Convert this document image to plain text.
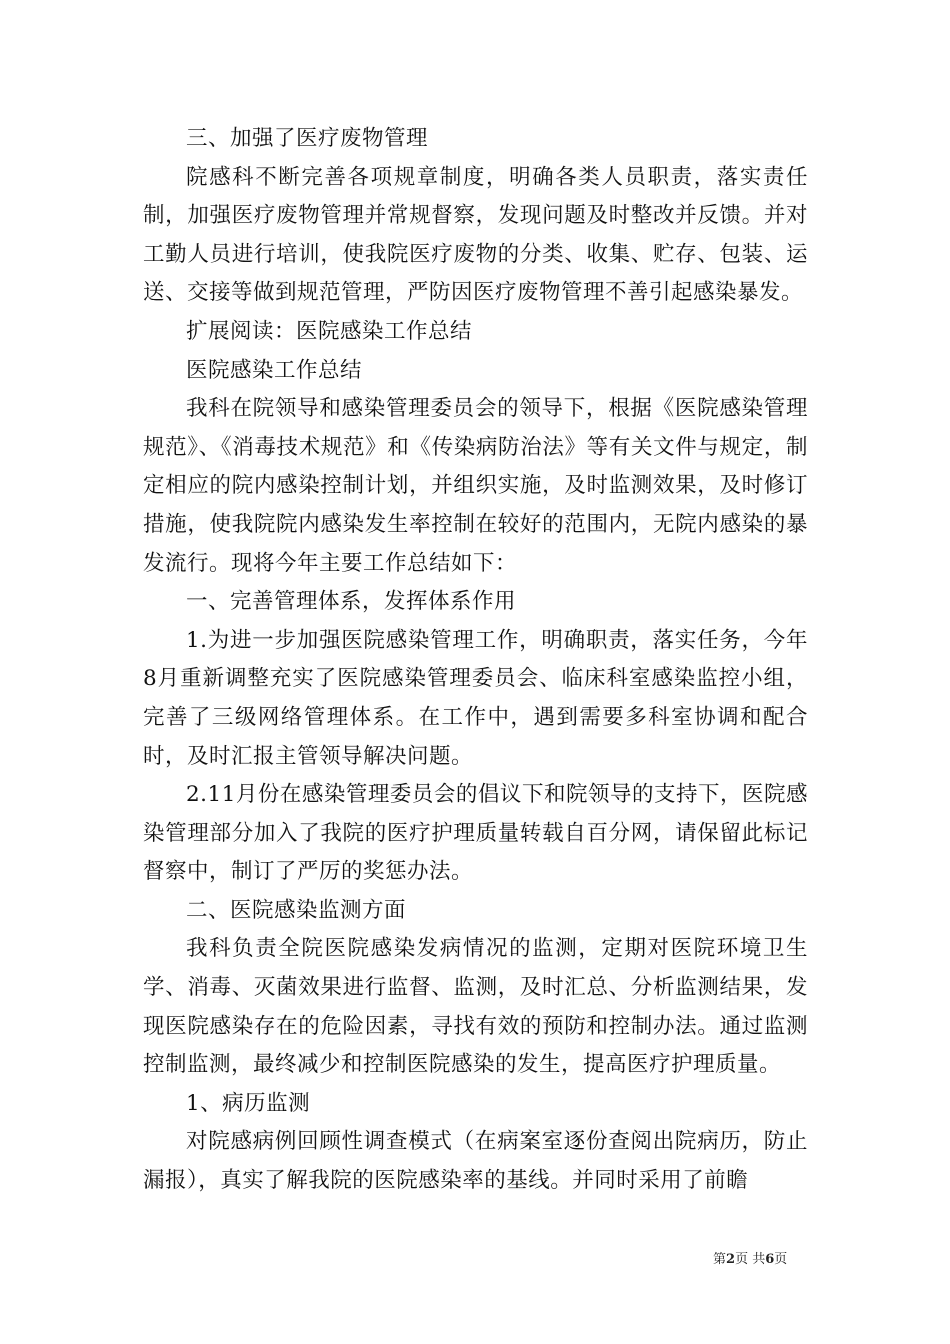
三、加强了医疗废物管理

院感科不断完善各项规章制度，明确各类人员职责，落实责任制，加强医疗废物管理并常规督察，发现问题及时整改并反馈。并对工勤人员进行培训，使我院医疗废物的分类、收集、贮存、包装、运送、交接等做到规范管理，严防因医疗废物管理不善引起感染暴发。

扩展阅读：医院感染工作总结

医院感染工作总结

我科在院领导和感染管理委员会的领导下，根据《医院感染管理规范》、《消毒技术规范》和《传染病防治法》等有关文件与规定，制定相应的院内感染控制计划，并组织实施，及时监测效果，及时修订措施，使我院院内感染发生率控制在较好的范围内，无院内感染的暴发流行。现将今年主要工作总结如下：

一、完善管理体系，发挥体系作用

1.为进一步加强医院感染管理工作，明确职责，落实任务，今年8月重新调整充实了医院感染管理委员会、临床科室感染监控小组，完善了三级网络管理体系。在工作中，遇到需要多科室协调和配合时，及时汇报主管领导解决问题。

2.11月份在感染管理委员会的倡议下和院领导的支持下，医院感染管理部分加入了我院的医疗护理质量转载自百分网，请保留此标记督察中，制订了严厉的奖惩办法。

二、医院感染监测方面

我科负责全院医院感染发病情况的监测，定期对医院环境卫生学、消毒、灭菌效果进行监督、监测，及时汇总、分析监测结果，发现医院感染存在的危险因素，寻找有效的预防和控制办法。通过监测控制监测，最终减少和控制医院感染的发生，提高医疗护理质量。

1、病历监测

对院感病例回顾性调查模式（在病案室逐份查阅出院病历，防止漏报），真实了解我院的医院感染率的基线。并同时采用了前瞻

第2页 共6页
